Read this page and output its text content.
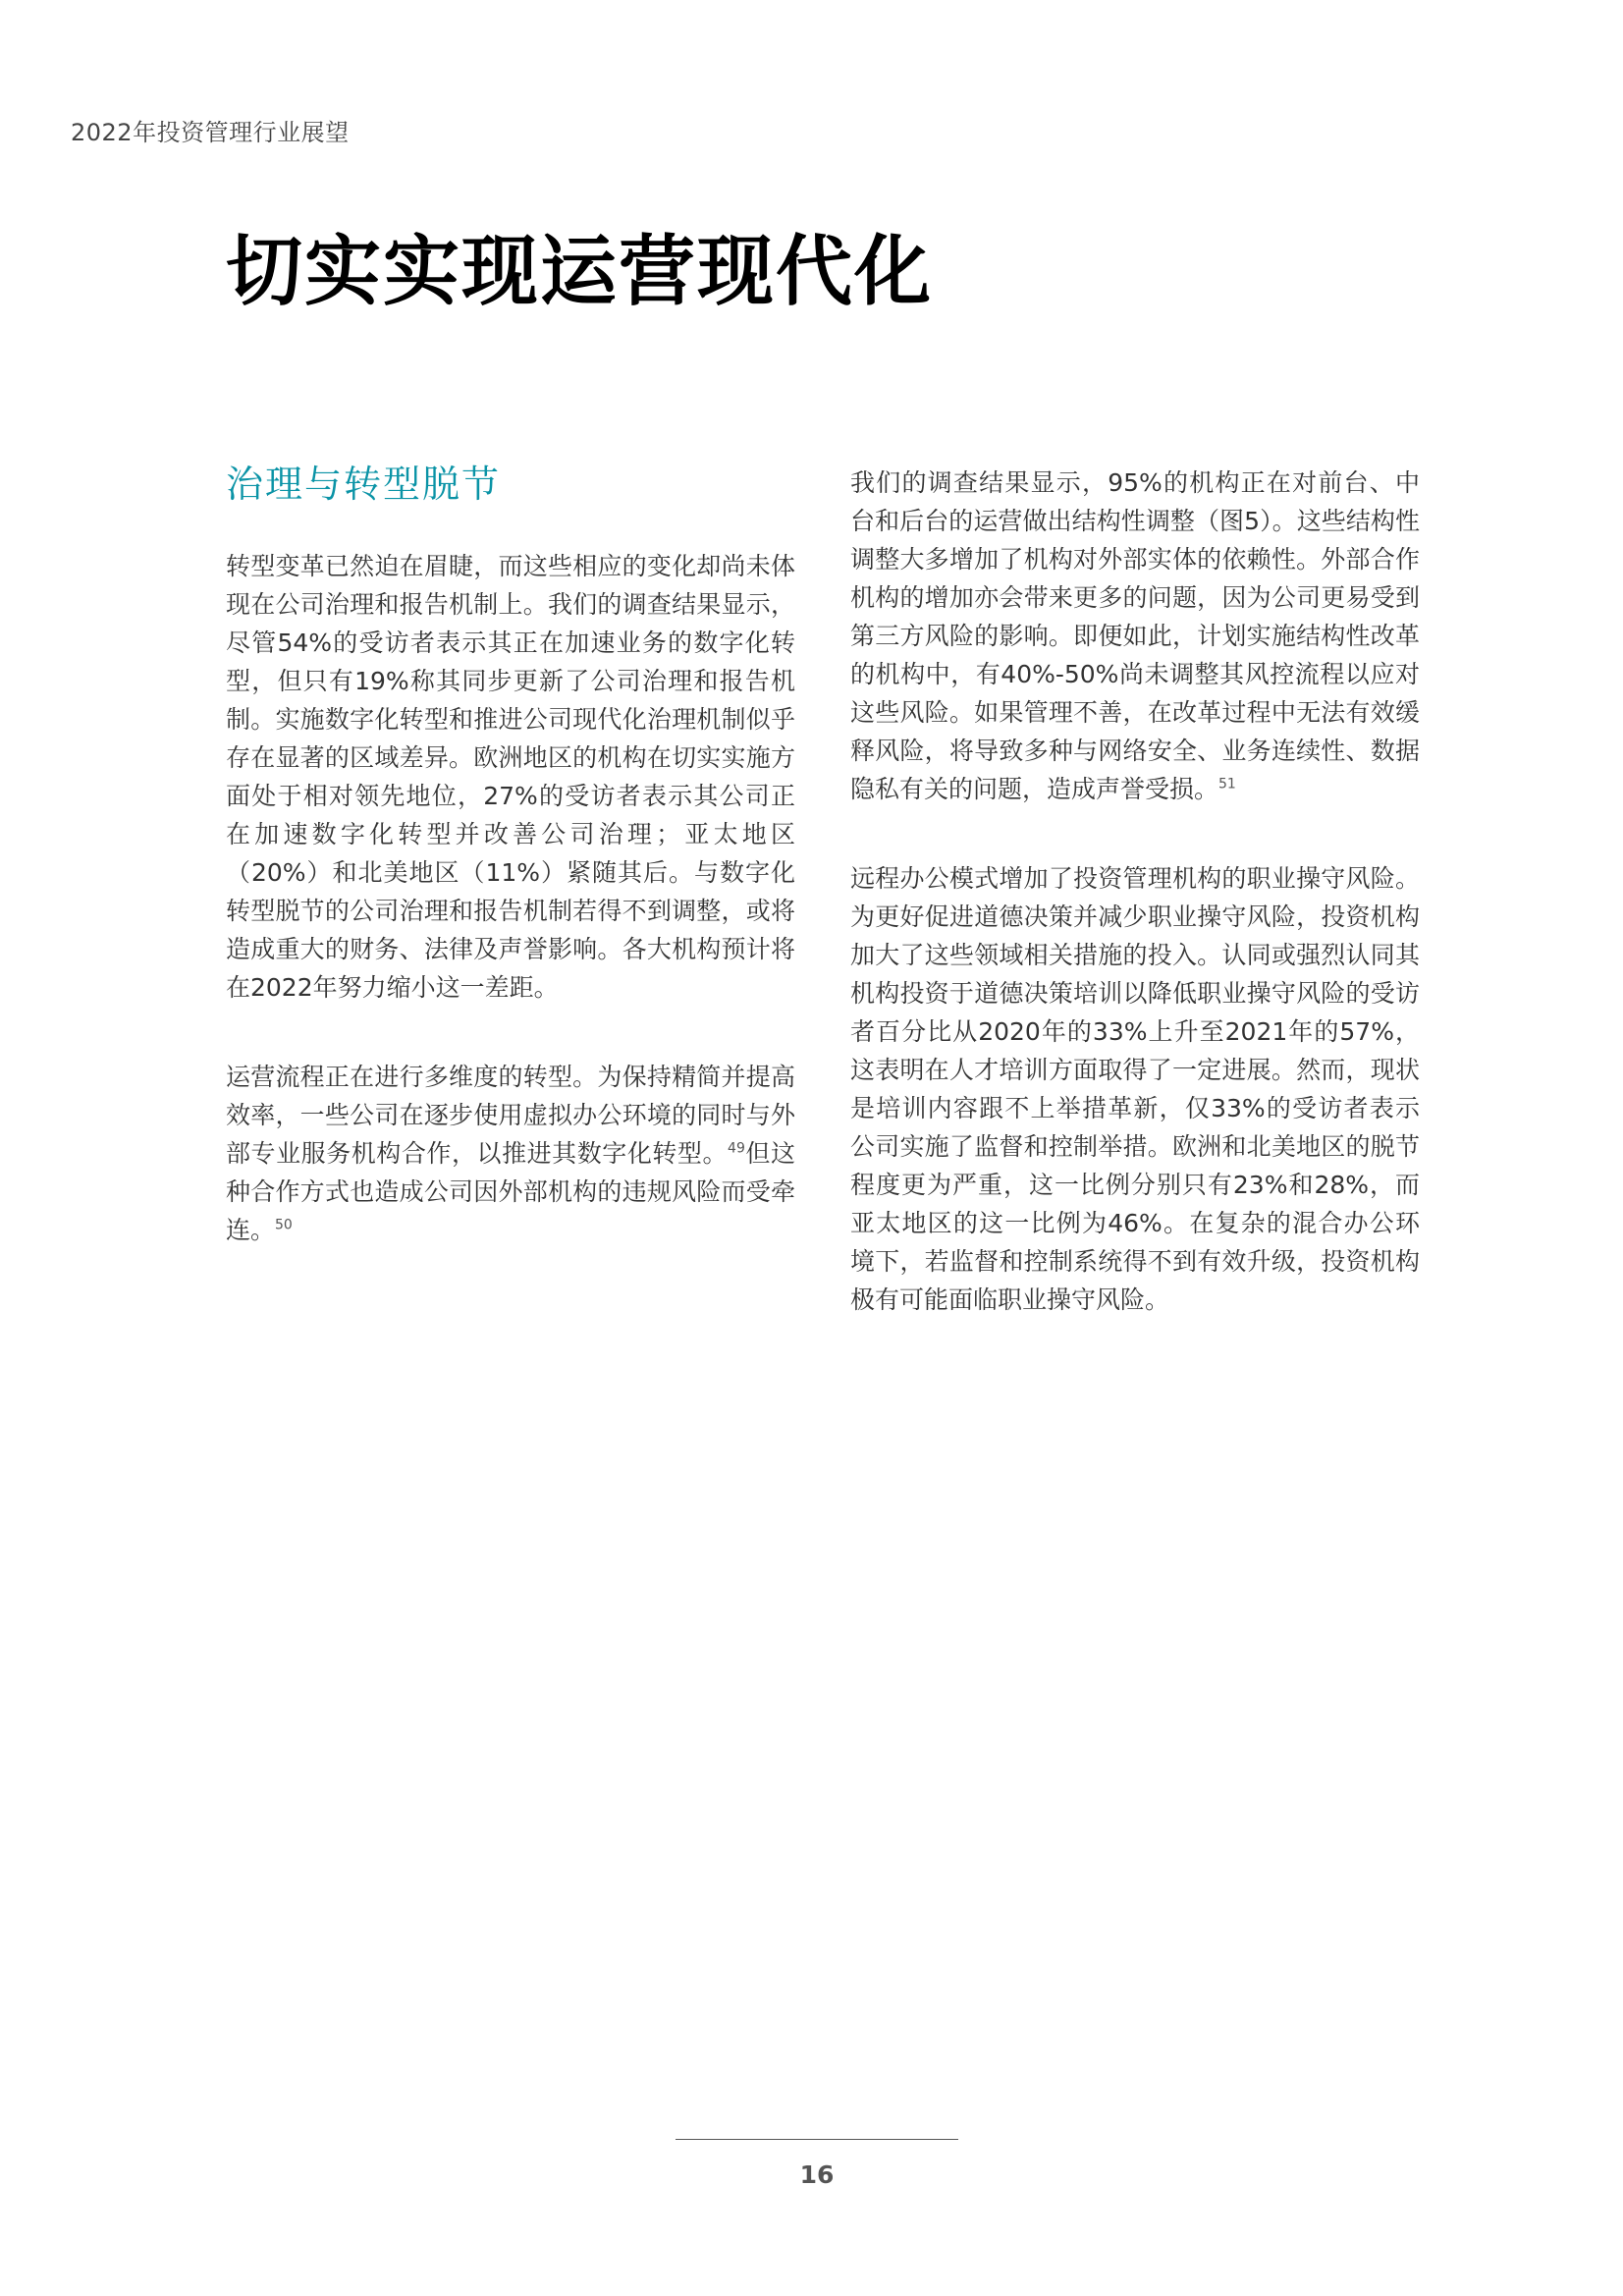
2022年投资管理行业展望
切实实现运营现代化
治理与转型脱节

转型变革已然迫在眉睫，而这些相应的变化却尚未体现在公司治理和报告机制上。我们的调查结果显示，尽管54%的受访者表示其正在加速业务的数字化转型，但只有19%称其同步更新了公司治理和报告机制。实施数字化转型和推进公司现代化治理机制似乎存在显著的区域差异。欧洲地区的机构在切实实施方面处于相对领先地位，27%的受访者表示其公司正在加速数字化转型并改善公司治理；亚太地区（20%）和北美地区（11%）紧随其后。与数字化转型脱节的公司治理和报告机制若得不到调整，或将造成重大的财务、法律及声誉影响。各大机构预计将在2022年努力缩小这一差距。

运营流程正在进行多维度的转型。为保持精简并提高效率，一些公司在逐步使用虚拟办公环境的同时与外部专业服务机构合作，以推进其数字化转型。$^{49}$但这种合作方式也造成公司因外部机构的违规风险而受牵连。$^{50}$

我们的调查结果显示，95%的机构正在对前台、中台和后台的运营做出结构性调整（图5）。这些结构性调整大多增加了机构对外部实体的依赖性。外部合作机构的增加亦会带来更多的问题，因为公司更易受到第三方风险的影响。即便如此，计划实施结构性改革的机构中，有40%-50%尚未调整其风控流程以应对这些风险。如果管理不善，在改革过程中无法有效缓释风险，将导致多种与网络安全、业务连续性、数据隐私有关的问题，造成声誉受损。$^{51}$

远程办公模式增加了投资管理机构的职业操守风险。为更好促进道德决策并减少职业操守风险，投资机构加大了这些领域相关措施的投入。认同或强烈认同其机构投资于道德决策培训以降低职业操守风险的受访者百分比从2020年的33%上升至2021年的57%，这表明在人才培训方面取得了一定进展。然而，现状是培训内容跟不上举措革新，仅33%的受访者表示公司实施了监督和控制举措。欧洲和北美地区的脱节程度更为严重，这一比例分别只有23%和28%，而亚太地区的这一比例为46%。在复杂的混合办公环境下，若监督和控制系统得不到有效升级，投资机构极有可能面临职业操守风险。

16
